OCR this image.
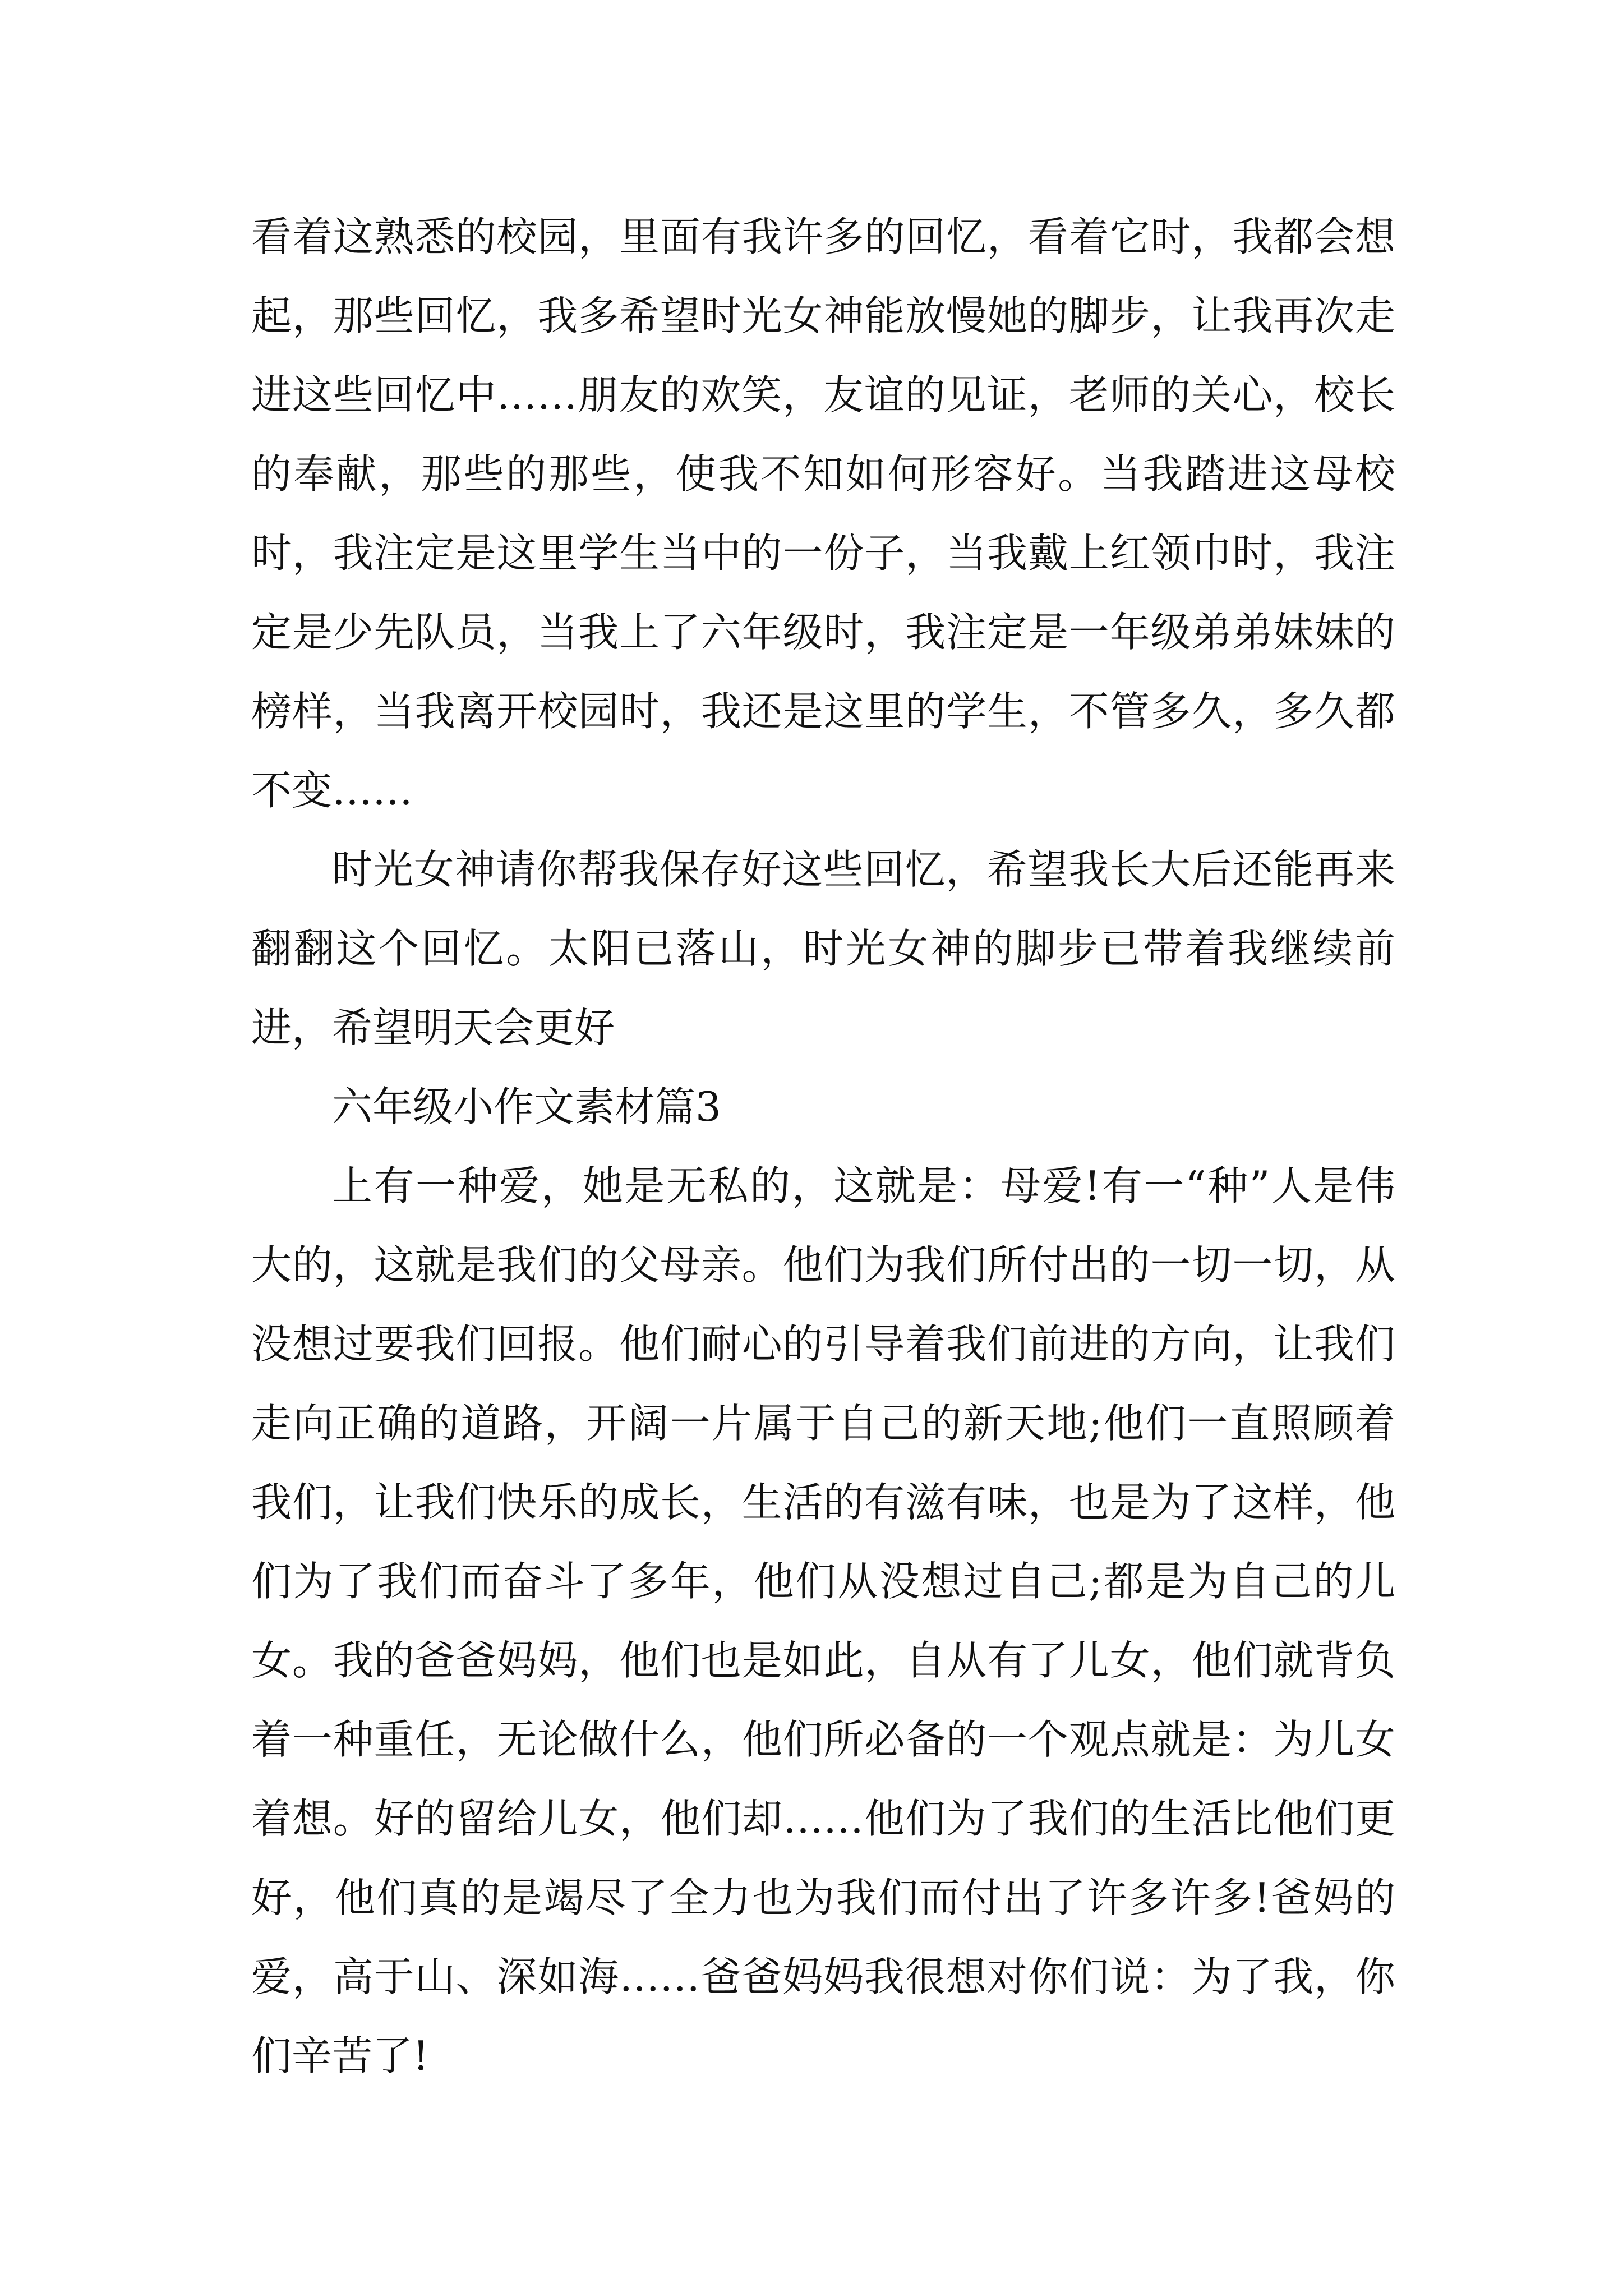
看着这熟悉的校园，里面有我许多的回忆，看着它时，我都会想起，那些回忆，我多希望时光女神能放慢她的脚步，让我再次走进这些回忆中……朋友的欢笑，友谊的见证，老师的关心，校长的奉献，那些的那些，使我不知如何形容好。当我踏进这母校时，我注定是这里学生当中的一份子，当我戴上红领巾时，我注定是少先队员，当我上了六年级时，我注定是一年级弟弟妹妹的榜样，当我离开校园时，我还是这里的学生，不管多久，多久都不变……

时光女神请你帮我保存好这些回忆，希望我长大后还能再来翻翻这个回忆。太阳已落山，时光女神的脚步已带着我继续前进，希望明天会更好

六年级小作文素材篇3

上有一种爱，她是无私的，这就是：母爱!有一“种”人是伟大的，这就是我们的父母亲。他们为我们所付出的一切一切，从没想过要我们回报。他们耐心的引导着我们前进的方向，让我们走向正确的道路，开阔一片属于自己的新天地;他们一直照顾着我们，让我们快乐的成长，生活的有滋有味，也是为了这样，他们为了我们而奋斗了多年，他们从没想过自己;都是为自己的儿女。我的爸爸妈妈，他们也是如此，自从有了儿女，他们就背负着一种重任，无论做什么，他们所必备的一个观点就是：为儿女着想。好的留给儿女，他们却……他们为了我们的生活比他们更好，他们真的是竭尽了全力也为我们而付出了许多许多!爸妈的爱，高于山、深如海……爸爸妈妈我很想对你们说：为了我，你们辛苦了!
